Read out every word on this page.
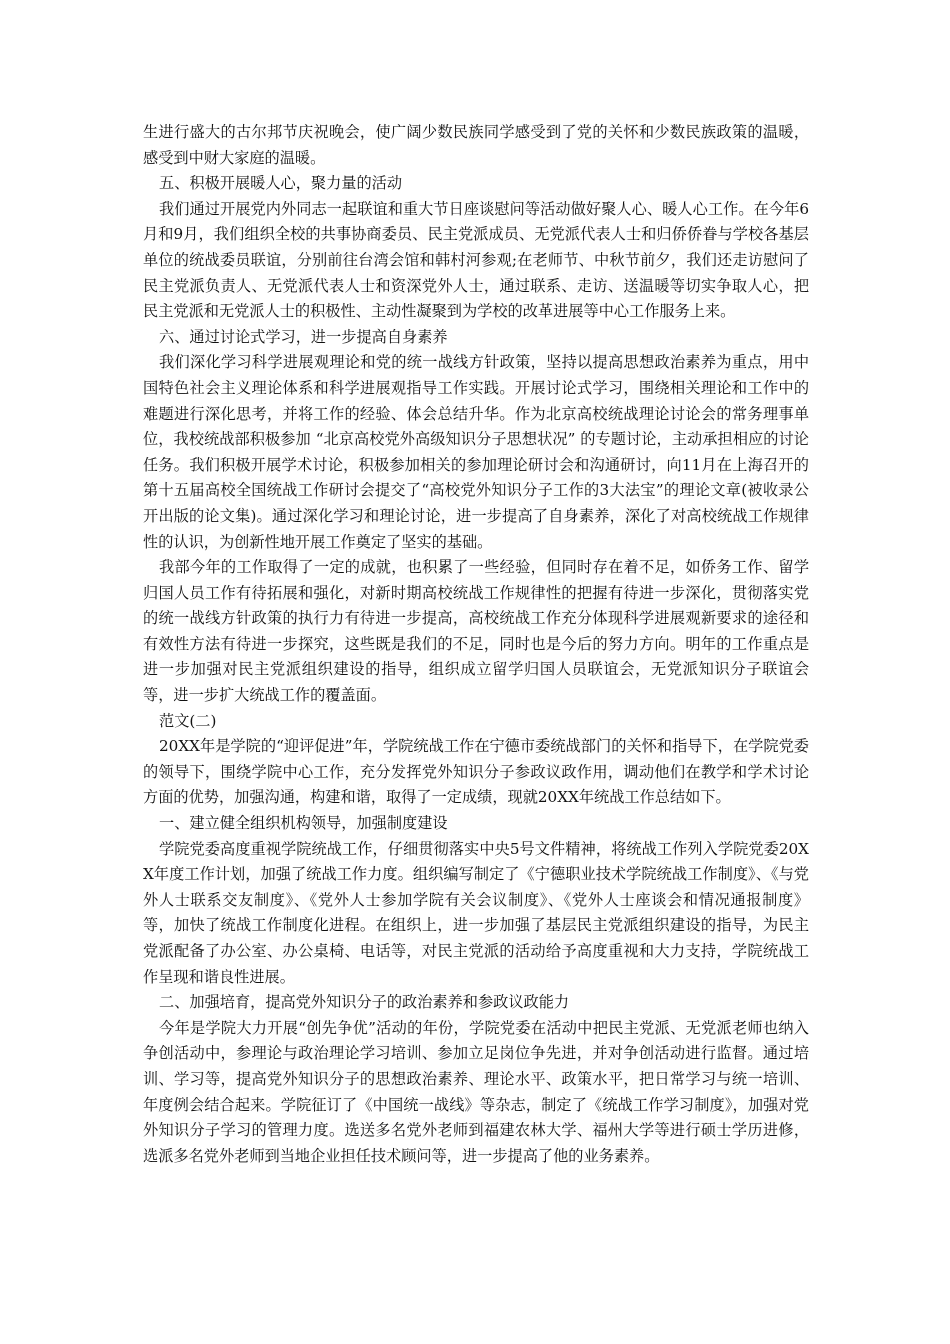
生进行盛大的古尔邦节庆祝晚会，使广阔少数民族同学感受到了党的关怀和少数民族政策的温暖，感受到中财大家庭的温暖。

五、积极开展暖人心，聚力量的活动

我们通过开展党内外同志一起联谊和重大节日座谈慰问等活动做好聚人心、暖人心工作。在今年6月和9月，我们组织全校的共事协商委员、民主党派成员、无党派代表人士和归侨侨眷与学校各基层单位的统战委员联谊，分别前往台湾会馆和韩村河参观;在老师节、中秋节前夕，我们还走访慰问了民主党派负责人、无党派代表人士和资深党外人士，通过联系、走访、送温暖等切实争取人心，把民主党派和无党派人士的积极性、主动性凝聚到为学校的改革进展等中心工作服务上来。

六、通过讨论式学习，进一步提高自身素养

我们深化学习科学进展观理论和党的统一战线方针政策，坚持以提高思想政治素养为重点，用中国特色社会主义理论体系和科学进展观指导工作实践。开展讨论式学习，围绕相关理论和工作中的难题进行深化思考，并将工作的经验、体会总结升华。作为北京高校统战理论讨论会的常务理事单位，我校统战部积极参加 “北京高校党外高级知识分子思想状况” 的专题讨论，主动承担相应的讨论任务。我们积极开展学术讨论，积极参加相关的参加理论研讨会和沟通研讨，向11月在上海召开的第十五届高校全国统战工作研讨会提交了“高校党外知识分子工作的3大法宝”的理论文章(被收录公开出版的论文集)。通过深化学习和理论讨论，进一步提高了自身素养，深化了对高校统战工作规律性的认识，为创新性地开展工作奠定了坚实的基础。

我部今年的工作取得了一定的成就，也积累了一些经验，但同时存在着不足，如侨务工作、留学归国人员工作有待拓展和强化，对新时期高校统战工作规律性的把握有待进一步深化，贯彻落实党的统一战线方针政策的执行力有待进一步提高，高校统战工作充分体现科学进展观新要求的途径和有效性方法有待进一步探究，这些既是我们的不足，同时也是今后的努力方向。明年的工作重点是进一步加强对民主党派组织建设的指导，组织成立留学归国人员联谊会，无党派知识分子联谊会等，进一步扩大统战工作的覆盖面。

范文(二)

20XX年是学院的“迎评促进”年，学院统战工作在宁德市委统战部门的关怀和指导下，在学院党委的领导下，围绕学院中心工作，充分发挥党外知识分子参政议政作用，调动他们在教学和学术讨论方面的优势，加强沟通，构建和谐，取得了一定成绩，现就20XX年统战工作总结如下。

一、建立健全组织机构领导，加强制度建设

学院党委高度重视学院统战工作，仔细贯彻落实中央5号文件精神，将统战工作列入学院党委20XX年度工作计划，加强了统战工作力度。组织编写制定了《宁德职业技术学院统战工作制度》、《与党外人士联系交友制度》、《党外人士参加学院有关会议制度》、《党外人士座谈会和情况通报制度》等，加快了统战工作制度化进程。在组织上，进一步加强了基层民主党派组织建设的指导，为民主党派配备了办公室、办公桌椅、电话等，对民主党派的活动给予高度重视和大力支持，学院统战工作呈现和谐良性进展。

二、加强培育，提高党外知识分子的政治素养和参政议政能力

今年是学院大力开展“创先争优”活动的年份，学院党委在活动中把民主党派、无党派老师也纳入争创活动中，参理论与政治理论学习培训、参加立足岗位争先进，并对争创活动进行监督。通过培训、学习等，提高党外知识分子的思想政治素养、理论水平、政策水平，把日常学习与统一培训、年度例会结合起来。学院征订了《中国统一战线》等杂志，制定了《统战工作学习制度》，加强对党外知识分子学习的管理力度。选送多名党外老师到福建农林大学、福州大学等进行硕士学历进修，选派多名党外老师到当地企业担任技术顾问等，进一步提高了他的业务素养。
